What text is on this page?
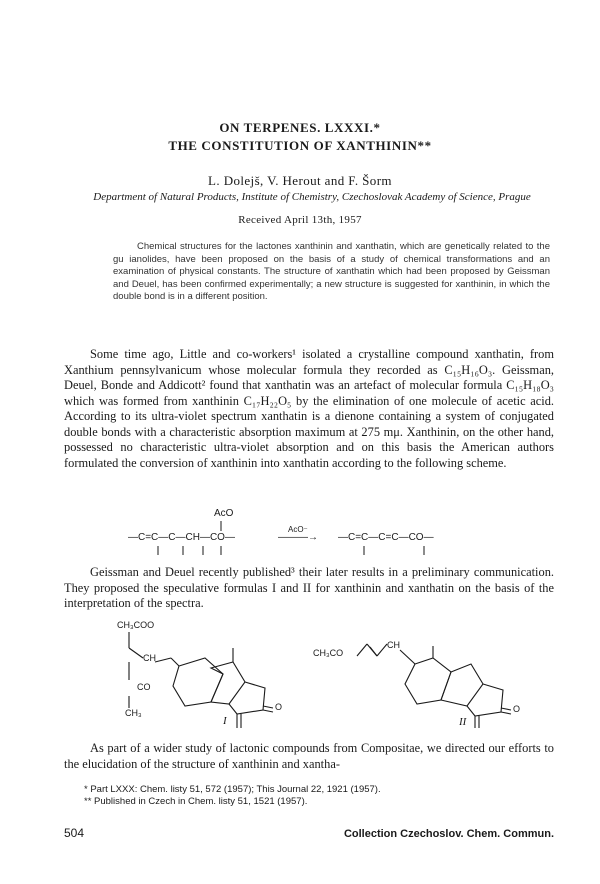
ON TERPENES. LXXXI.*
THE CONSTITUTION OF XANTHININ**
L. Dolejš, V. Herout and F. Šorm
Department of Natural Products, Institute of Chemistry, Czechoslovak Academy of Science, Prague
Received April 13th, 1957

Chemical structures for the lactones xanthinin and xanthatin, which are genetically related to the gu ianolides, have been proposed on the basis of a study of chemical transformations and an examination of physical constants. The structure of xanthatin which had been proposed by Geissman and Deuel, has been confirmed experimentally; a new structure is suggested for xanthinin, in which the double bond is in a different position.

Some time ago, Little and co-workers¹ isolated a crystalline compound xanthatin, from Xanthium pennsylvanicum whose molecular formula they recorded as C₁₅H₁₆O₃. Geissman, Deuel, Bonde and Addicott² found that xanthatin was an artefact of molecular formula C₁₅H₁₈O₃ which was formed from xanthinin C₁₇H₂₂O₅ by the elimination of one molecule of acetic acid. According to its ultra-violet spectrum xanthatin is a dienone containing a system of conjugated double bonds with a characteristic absorption maximum at 275 mμ. Xanthinin, on the other hand, possessed no characteristic ultra-violet absorption and on this basis the American authors formulated the conversion of xanthinin into xanthatin according to the following scheme.

AcO
—C=C—C—CH—CO—
AcO⁻
———→ —C=C—C=C—CO—

Geissman and Deuel recently published³ their later results in a preliminary communication. They proposed the speculative formulas I and II for xanthinin and xanthatin on the basis of the interpretation of the spectra.

CH₃COO
CH
CO
CH₃
O
I
CH₃CO
CH
O
II

As part of a wider study of lactonic compounds from Compositae, we directed our efforts to the elucidation of the structure of xanthinin and xantha-

* Part LXXX: Chem. listy 51, 572 (1957); This Journal 22, 1921 (1957).
** Published in Czech in Chem. listy 51, 1521 (1957).
504	Collection Czechoslov. Chem. Commun.
